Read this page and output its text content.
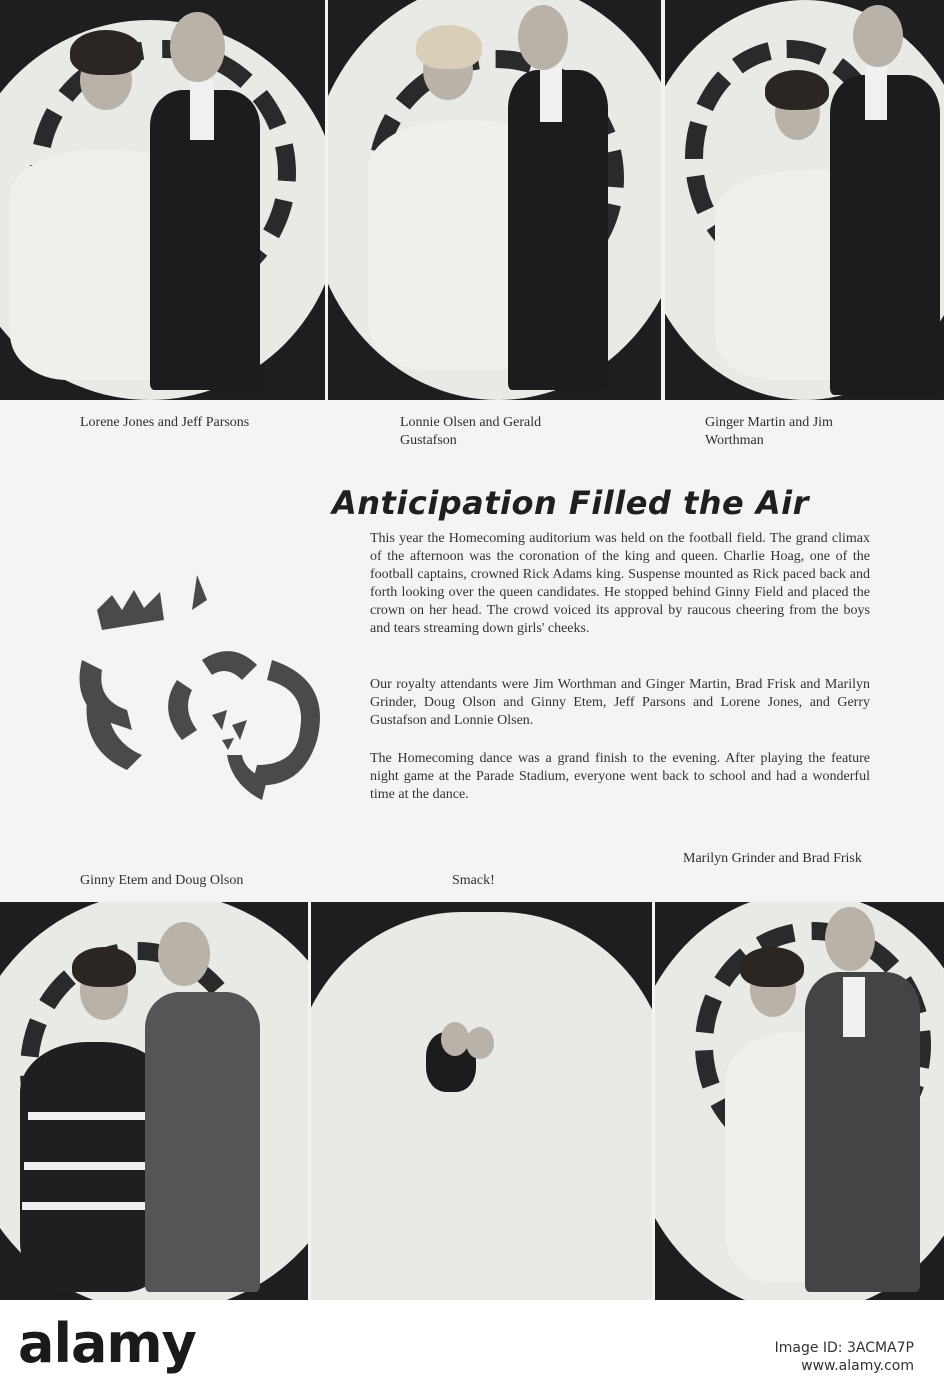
Lorene Jones and Jeff Parsons	Lonnie Olsen and Gerald Gustafson
Ginger Martin and Jim Worthman
Anticipation Filled the Air

This year the Homecoming auditorium was held on the football field. The grand climax of the afternoon was the coronation of the king and queen. Charlie Hoag, one of the football captains, crowned Rick Adams king. Suspense mounted as Rick paced back and forth looking over the queen candidates. He stopped behind Ginny Field and placed the crown on her head. The crowd voiced its approval by raucous cheering from the boys and tears streaming down girls' cheeks.

Our royalty attendants were Jim Worthman and Ginger Martin, Brad Frisk and Marilyn Grinder, Doug Olson and Ginny Etem, Jeff Parsons and Lorene Jones, and Gerry Gustafson and Lonnie Olsen.

The Homecoming dance was a grand finish to the evening. After playing the feature night game at the Parade Stadium, everyone went back to school and had a wonderful time at the dance.

Ginny Etem and Doug Olson	Smack!
Marilyn Grinder and Brad Frisk
alamy	Image ID: 3ACMA7P
www.alamy.com
